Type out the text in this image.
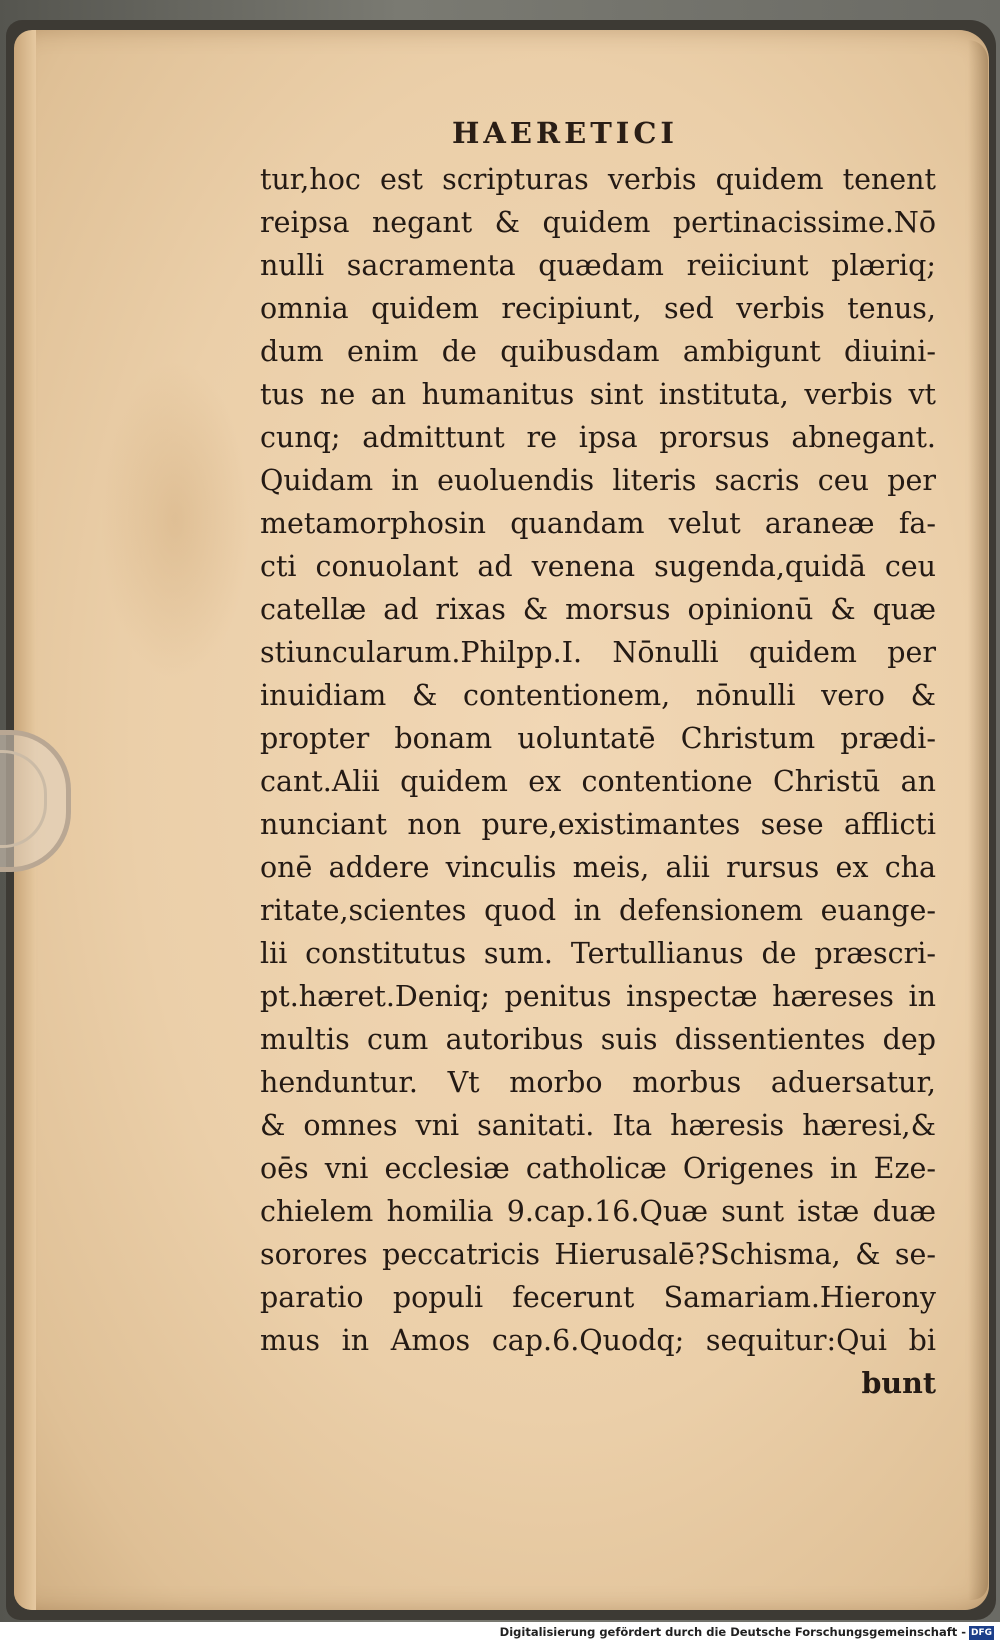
HAERETICI
tur,hoc est scripturas verbis quidem tenent
reipsa negant & quidem pertinacissime.Nō
nulli sacramenta quædam reiiciunt plæriq;
omnia quidem recipiunt, sed verbis tenus,
dum enim de quibusdam ambigunt diuini-
tus ne an humanitus sint instituta, verbis vt
cunq; admittunt re ipsa prorsus abnegant.
Quidam in euoluendis literis sacris ceu per
metamorphosin quandam velut araneæ fa-
cti conuolant ad venena sugenda,quidā ceu
catellæ ad rixas & morsus opinionū & quæ
stiuncularum.Philpp.I. Nōnulli quidem per
inuidiam & contentionem, nōnulli vero &
propter bonam uoluntatē Christum prædi-
cant.Alii quidem ex contentione Christū an
nunciant non pure,existimantes sese afflicti
onē addere vinculis meis, alii rursus ex cha
ritate,scientes quod in defensionem euange-
lii constitutus sum. Tertullianus de præscri-
pt.hæret.Deniq; penitus inspectæ hæreses in
multis cum autoribus suis dissentientes dep
henduntur. Vt morbo morbus aduersatur,
& omnes vni sanitati. Ita hæresis hæresi,&
oēs vni ecclesiæ catholicæ Origenes in Eze-
chielem homilia 9.cap.16.Quæ sunt istæ duæ
sorores peccatricis Hierusalē?Schisma, & se-
paratio populi fecerunt Samariam.Hierony
mus in Amos cap.6.Quodq; sequitur:Qui bi
bunt
Digitalisierung gefördert durch die Deutsche Forschungsgemeinschaft - DFG
